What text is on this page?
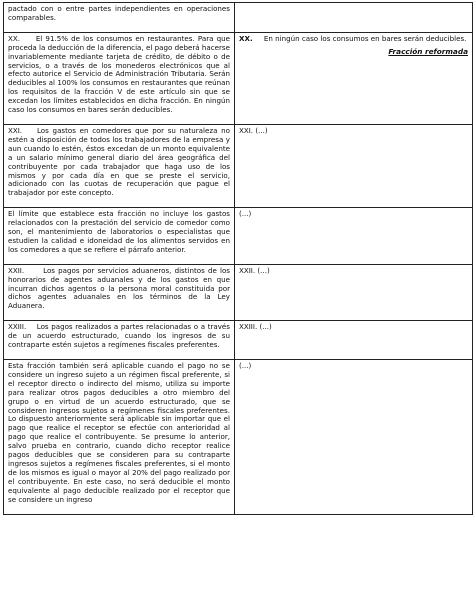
pactado con o entre partes independientes en operaciones comparables.	

XX.     El 91.5% de los consumos en restaurantes. Para que proceda la deducción de la diferencia, el pago deberá hacerse invariablemente mediante tarjeta de crédito, de débito o de servicios, o a través de los monederos electrónicos que al efecto autorice el Servicio de Administración Tributaria. Serán deducibles al 100% los consumos en restaurantes que reúnan los requisitos de la fracción V de este artículo sin que se excedan los límites establecidos en dicha fracción. En ningún caso los consumos en bares serán deducibles.	XX.     En ningún caso los consumos en bares serán deducibles.
Fracción reformada

XXI.    Los gastos en comedores que por su naturaleza no estén a disposición de todos los trabajadores de la empresa y aun cuando lo estén, éstos excedan de un monto equivalente a un salario mínimo general diario del área geográfica del contribuyente por cada trabajador que haga uso de los mismos y por cada día en que se preste el servicio, adicionado con las cuotas de recuperación que pague el trabajador por este concepto.	XXI. (...)

El límite que establece esta fracción no incluye los gastos relacionados con la prestación del servicio de comedor como son, el mantenimiento de laboratorios o especialistas que estudien la calidad e idoneidad de los alimentos servidos en los comedores a que se refiere el párrafo anterior.	(...)

XXII.      Los pagos por servicios aduaneros, distintos de los honorarios de agentes aduanales y de los gastos en que incurran dichos agentos o la persona moral constituida por dichos agentes aduanales en los términos de la Ley Aduanera.	XXII. (...)

XXIII.    Los pagos realizados a partes relacionadas o a través de un acuerdo estructurado, cuando los ingresos de su contraparte estén sujetos a regímenes fiscales preferentes.	XXIII. (...)

Esta fracción también será aplicable cuando el pago no se considere un ingreso sujeto a un régimen fiscal preferente, si el receptor directo o indirecto del mismo, utiliza su importe para realizar otros pagos deducibles a otro miembro del grupo o en virtud de un acuerdo estructurado, que se consideren ingresos sujetos a regímenes fiscales preferentes. Lo dispuesto anteriormente será aplicable sin importar que el pago que realice el receptor se efectúe con anterioridad al pago que realice el contribuyente. Se presume lo anterior, salvo prueba en contrario, cuando dicho receptor realice pagos deducibles que se consideren para su contraparte ingresos sujetos a regímenes fiscales preferentes, si el monto de los mismos es igual o mayor al 20% del pago realizado por el contribuyente. En este caso, no será deducible el monto equivalente al pago deducible realizado por el receptor que se considere un ingreso	(...)
